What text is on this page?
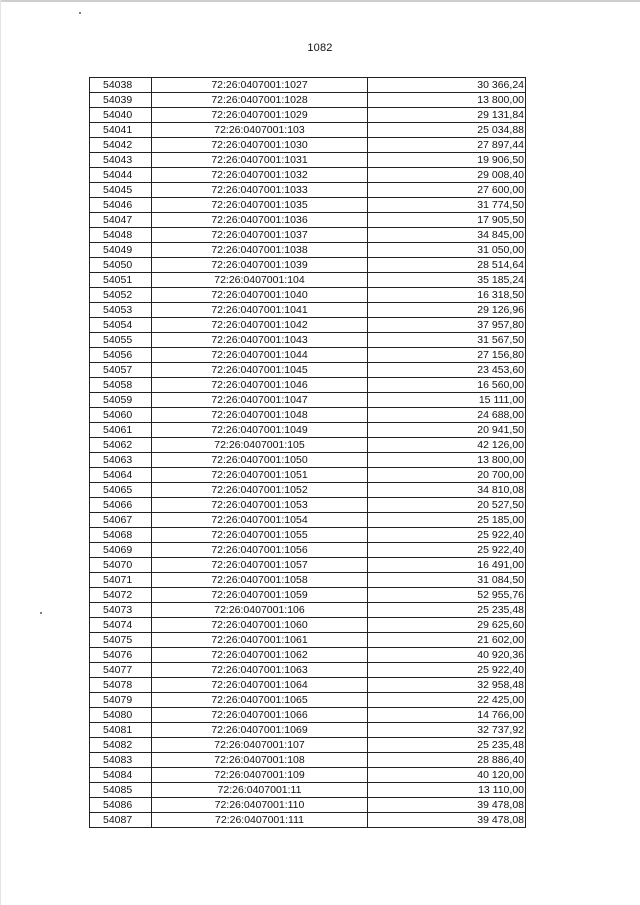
1082
54038	72:26:0407001:1027	30 366,24
54039	72:26:0407001:1028	13 800,00
54040	72:26:0407001:1029	29 131,84
54041	72:26:0407001:103	25 034,88
54042	72:26:0407001:1030	27 897,44
54043	72:26:0407001:1031	19 906,50
54044	72:26:0407001:1032	29 008,40
54045	72:26:0407001:1033	27 600,00
54046	72:26:0407001:1035	31 774,50
54047	72:26:0407001:1036	17 905,50
54048	72:26:0407001:1037	34 845,00
54049	72:26:0407001:1038	31 050,00
54050	72:26:0407001:1039	28 514,64
54051	72:26:0407001:104	35 185,24
54052	72:26:0407001:1040	16 318,50
54053	72:26:0407001:1041	29 126,96
54054	72:26:0407001:1042	37 957,80
54055	72:26:0407001:1043	31 567,50
54056	72:26:0407001:1044	27 156,80
54057	72:26:0407001:1045	23 453,60
54058	72:26:0407001:1046	16 560,00
54059	72:26:0407001:1047	15 111,00
54060	72:26:0407001:1048	24 688,00
54061	72:26:0407001:1049	20 941,50
54062	72:26:0407001:105	42 126,00
54063	72:26:0407001:1050	13 800,00
54064	72:26:0407001:1051	20 700,00
54065	72:26:0407001:1052	34 810,08
54066	72:26:0407001:1053	20 527,50
54067	72:26:0407001:1054	25 185,00
54068	72:26:0407001:1055	25 922,40
54069	72:26:0407001:1056	25 922,40
54070	72:26:0407001:1057	16 491,00
54071	72:26:0407001:1058	31 084,50
54072	72:26:0407001:1059	52 955,76
54073	72:26:0407001:106	25 235,48
54074	72:26:0407001:1060	29 625,60
54075	72:26:0407001:1061	21 602,00
54076	72:26:0407001:1062	40 920,36
54077	72:26:0407001:1063	25 922,40
54078	72:26:0407001:1064	32 958,48
54079	72:26:0407001:1065	22 425,00
54080	72:26:0407001:1066	14 766,00
54081	72:26:0407001:1069	32 737,92
54082	72:26:0407001:107	25 235,48
54083	72:26:0407001:108	28 886,40
54084	72:26:0407001:109	40 120,00
54085	72:26:0407001:11	13 110,00
54086	72:26:0407001:110	39 478,08
54087	72:26:0407001:111	39 478,08
